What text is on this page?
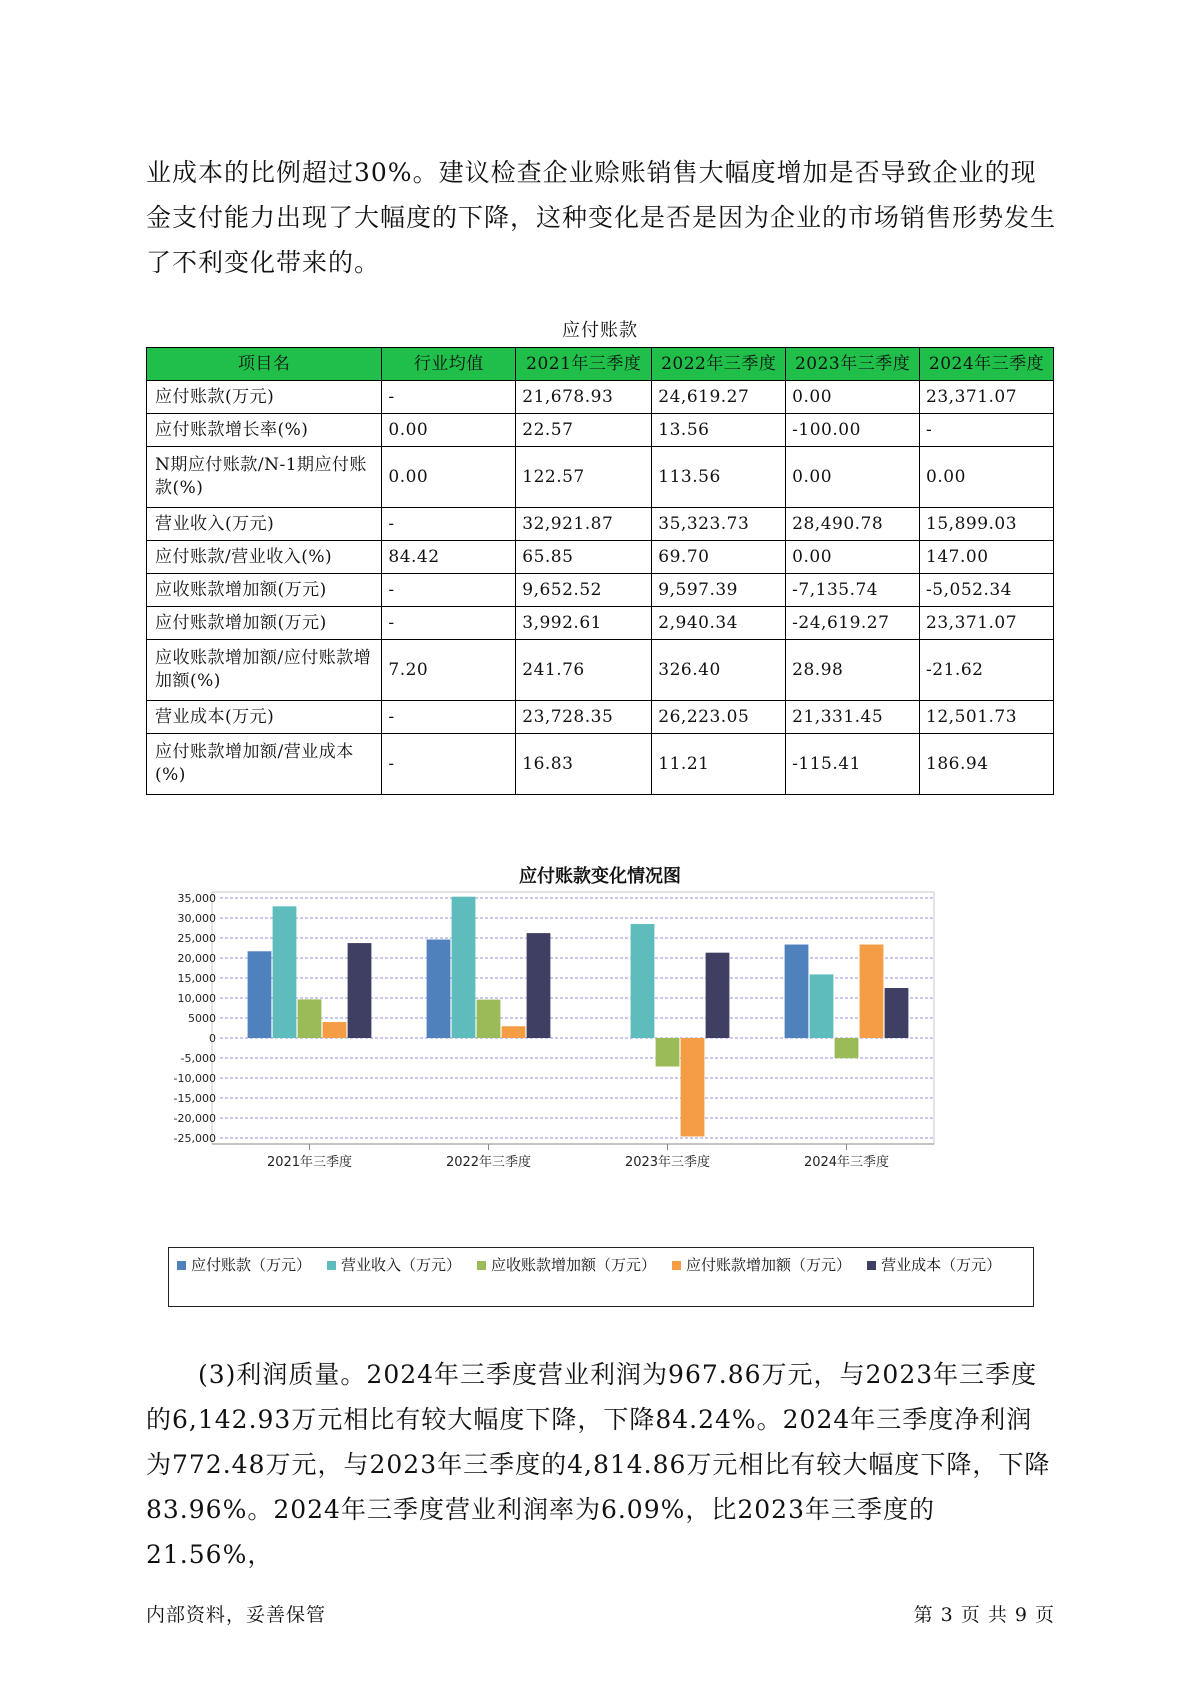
业成本的比例超过30%。建议检查企业赊账销售大幅度增加是否导致企业的现金支付能力出现了大幅度的下降，这种变化是否是因为企业的市场销售形势发生了不利变化带来的。

应付账款
项目名	行业均值	2021年三季度	2022年三季度	2023年三季度	2024年三季度
应付账款(万元)	-	21,678.93	24,619.27	0.00	23,371.07
应付账款增长率(%)	0.00	22.57	13.56	-100.00	-
N期应付账款/N-1期应付账款(%)	0.00	122.57	113.56	0.00	0.00
营业收入(万元)	-	32,921.87	35,323.73	28,490.78	15,899.03
应付账款/营业收入(%)	84.42	65.85	69.70	0.00	147.00
应收账款增加额(万元)	-	9,652.52	9,597.39	-7,135.74	-5,052.34
应付账款增加额(万元)	-	3,992.61	2,940.34	-24,619.27	23,371.07
应收账款增加额/应付账款增加额(%)	7.20	241.76	326.40	28.98	-21.62
营业成本(万元)	-	23,728.35	26,223.05	21,331.45	12,501.73
应付账款增加额/营业成本(%)	-	16.83	11.21	-115.41	186.94
应付账款变化情况图
35,000
30,000
25,000
20,000
15,000
10,000
5000
0
-5,000
-10,000
-15,000
-20,000
-25,000
2021年三季度	2022年三季度	2023年三季度	2024年三季度
应付账款（万元） 营业收入（万元） 应收账款增加额（万元） 应付账款增加额（万元） 营业成本（万元）

(3)利润质量。2024年三季度营业利润为967.86万元，与2023年三季度的6,142.93万元相比有较大幅度下降，下降84.24%。2024年三季度净利润为772.48万元，与2023年三季度的4,814.86万元相比有较大幅度下降，下降83.96%。2024年三季度营业利润率为6.09%，比2023年三季度的21.56%，

内部资料，妥善保管	第 3 页 共 9 页
